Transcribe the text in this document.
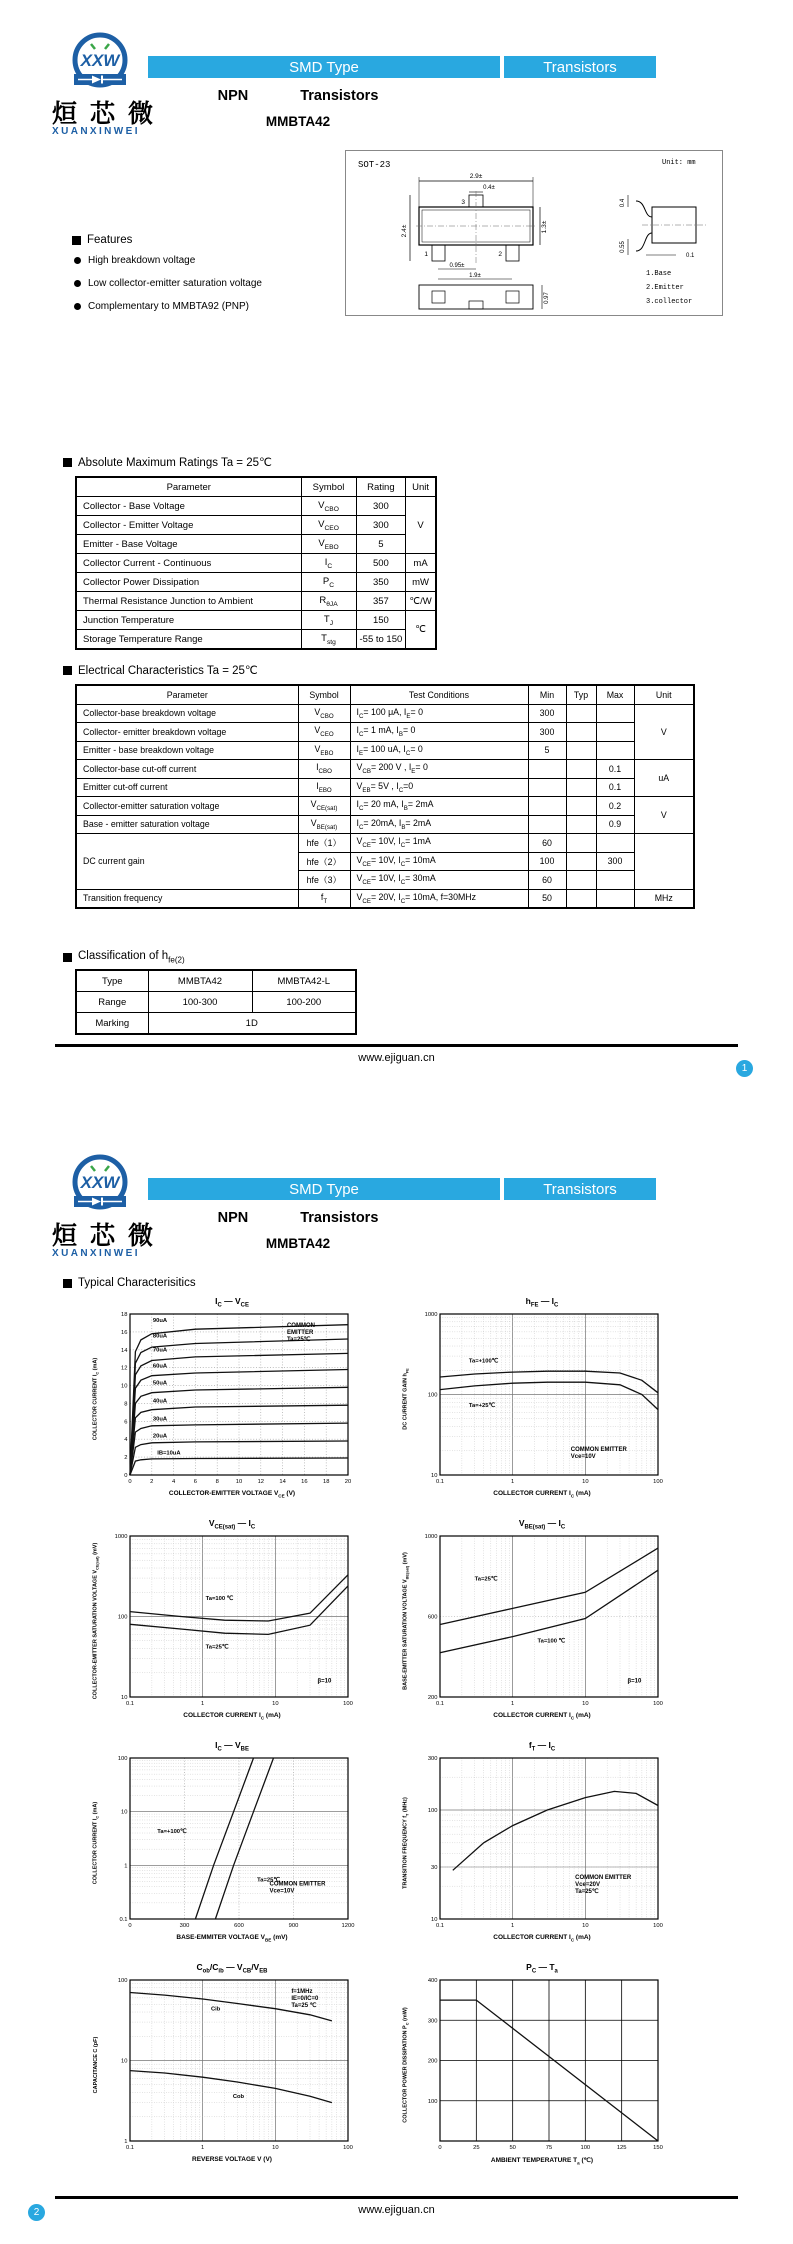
XXW
烜芯微
XUANXINWEI
SMD Type	Transistors
NPN	Transistors
MMBTA42
Features
High breakdown voltage
Low collector-emitter saturation voltage
Complementary to MMBTA92 (PNP)
SOT-23	Unit: mm
2.9±
0.4±
3
1	2
2.4±	1.3±
0.95±
1.9±
0.97
0.4
0.55
0.1
1.Base
2.Emitter
3.collector
Absolute Maximum Ratings Ta = 25℃
Parameter	Symbol	Rating	Unit
Collector - Base Voltage	$V_{CBO}$	300	V
Collector - Emitter Voltage	$V_{CEO}$	300	
Emitter - Base Voltage	$V_{EBO}$	5	
Collector Current - Continuous	$I_C$	500	mA
Collector Power Dissipation	$P_C$	350	mW
Thermal Resistance Junction to Ambient	$R_{\theta JA}$	357	℃/W
Junction Temperature	$T_J$	150	℃
Storage Temperature Range	$T_{stg}$	-55 to 150	
Electrical Characteristics Ta = 25℃
Parameter	Symbol	Test Conditions	Min	Typ	Max	Unit
Collector-base breakdown voltage	$V_{CBO}$	$I_C= 100$ μA, $I_E= 0$	300			V
Collector- emitter breakdown voltage	$V_{CEO}$	$I_C= 1$ mA, $I_B= 0$	300			
Emitter - base breakdown voltage	$V_{EBO}$	$I_E= 100$ uA, $I_C= 0$	5			
Collector-base cut-off current	$I_{CBO}$	$V_{CB}= 200$ V , $I_E= 0$			0.1	uA
Emitter cut-off current	$I_{EBO}$	$V_{EB}= 5V$ , $I_C=0$			0.1	
Collector-emitter saturation voltage	$V_{CE(sat)}$	$I_C= 20$ mA, $I_B= 2mA$			0.2	V
Base - emitter saturation voltage	$V_{BE(sat)}$	$I_C= 20mA$, $I_B= 2mA$			0.9	
DC current gain	hfe（1）	$V_{CE}= 10V$, $I_C= 1mA$	60			
	hfe（2）	$V_{CE}= 10V$, $I_C= 10mA$	100		300	
	hfe（3）	$V_{CE}= 10V$, $I_C= 30mA$	60			
Transition frequency	$f_T$	$V_{CE}= 20V$, $I_C= 10mA$, f=30MHz	50			MHz
Classification of $h_{fe(2)}$
Type	MMBTA42	MMBTA42-L
Range	100-300	100-200
Marking	1D	
www.ejiguan.cn
1
XXW
烜芯微
XUANXINWEI
SMD Type	Transistors
NPN	Transistors
MMBTA42
Typical Characterisitics
$I_C$ — $V_{CE}$
COLLECTOR CURRENT $I_C$ (mA)
0	2	4	6	8	10	12	14	16	18	20
0
2
4
6
8
10
12
14
16
18
90uA
80uA
70uA
60uA
50uA
40uA
30uA
20uA
IB=10uA
COMMON EMITTER Ta=25℃
COLLECTOR-EMITTER VOLTAGE $V_{CE}$ (V)
$h_{FE}$ — $I_C$
DC CURRENT GAIN $h_{FE}$
0.1	1	10	100
10
100
1000
Ta=+100℃
Ta=+25℃
COMMON EMITTER Vce=10V
COLLECTOR CURRENT $I_C$ (mA)
$V_{CE(sat)}$ — $I_C$
COLLECTOR-EMITTER SATURATION VOLTAGE $V_{CE(sat)}$ (mV)
0.1	1	10	100
10
100
1000
Ta=100 ℃
Ta=25℃
β=10
COLLECTOR CURRENT $I_C$ (mA)
$V_{BE(sat)}$ — $I_C$
BASE-EMITTER SATURATION VOLTAGE $V_{BE(sat)}$ (mV)
0.1	1	10	100
200
600
1000
Ta=25℃
Ta=100 ℃
β=10
COLLECTOR CURRENT $I_C$ (mA)
$I_C$ — $V_{BE}$
COLLECTOR CURRENT $I_C$ (mA)
0	300	600	900	1200
0.1
1
10
100
Ta=+100℃
Ta=25℃
COMMON EMITTER Vce=10V
BASE-EMMITER VOLTAGE $V_{BE}$ (mV)
$f_T$ — $I_C$
TRANSITION FREQUENCY $f_T$ (MHz)
0.1	1	10	100
10
30
100
300
COMMON EMITTER Vce=20V Ta=25℃
COLLECTOR CURRENT $I_C$ (mA)
$C_{ob}/C_{ib}$ — $V_{CB}/V_{EB}$
CAPACITANCE C (pF)
0.1	1	10	100
1
10
100
Cib
Cob
f=1MHz IE=0/IC=0 Ta=25 ℃
REVERSE VOLTAGE V (V)
$P_C$ — $T_a$
COLLECTOR POWER DISSIPATION $P_C$ (mW)
0	25	50	75	100	125	150
100
200
300
400
AMBIENT TEMPERATURE $T_a$ (℃)
www.ejiguan.cn
2
